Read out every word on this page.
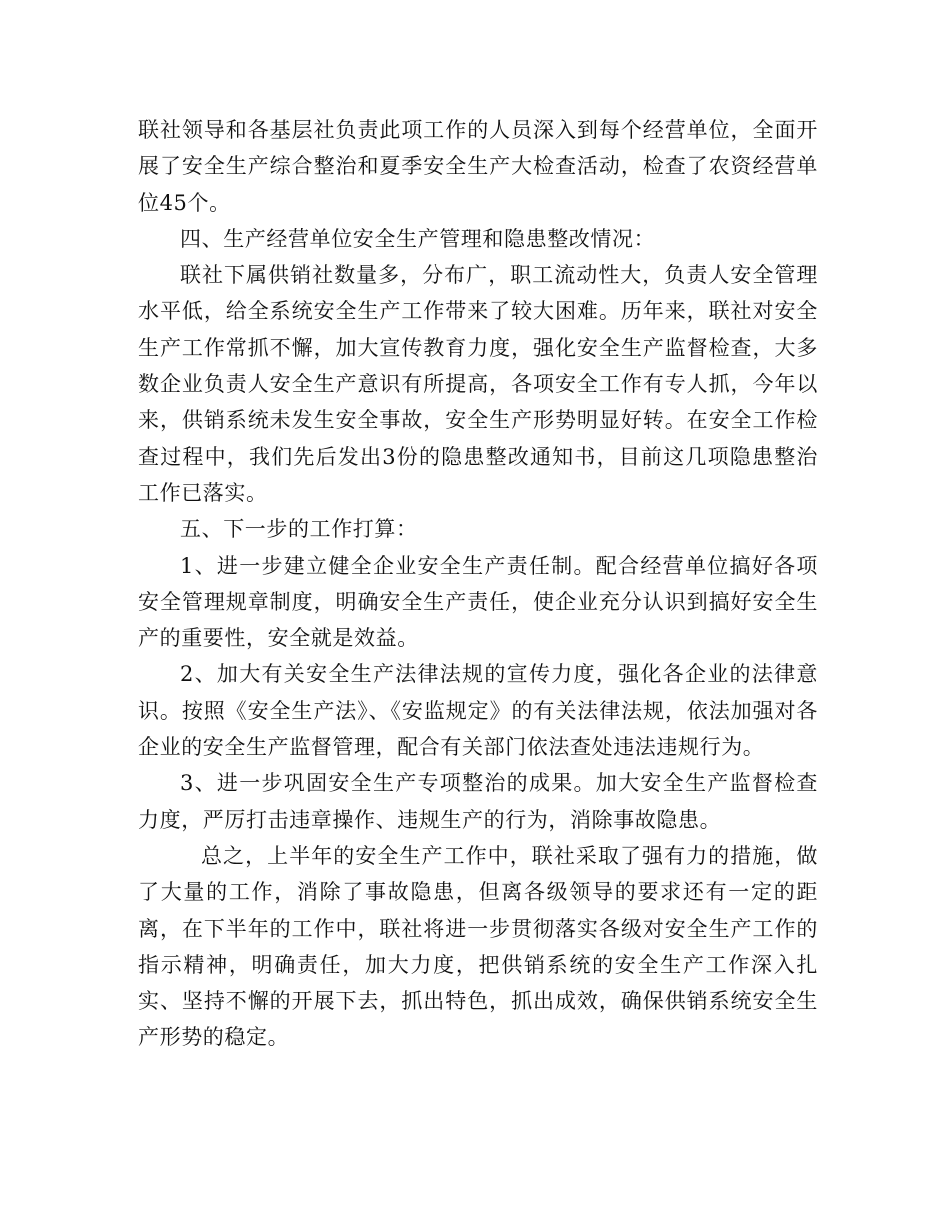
联社领导和各基层社负责此项工作的人员深入到每个经营单位，全面开展了安全生产综合整治和夏季安全生产大检查活动，检查了农资经营单位45个。

四、生产经营单位安全生产管理和隐患整改情况：

联社下属供销社数量多，分布广，职工流动性大，负责人安全管理水平低，给全系统安全生产工作带来了较大困难。历年来，联社对安全生产工作常抓不懈，加大宣传教育力度，强化安全生产监督检查，大多数企业负责人安全生产意识有所提高，各项安全工作有专人抓，今年以来，供销系统未发生安全事故，安全生产形势明显好转。在安全工作检查过程中，我们先后发出3份的隐患整改通知书，目前这几项隐患整治工作已落实。

五、下一步的工作打算：

1、进一步建立健全企业安全生产责任制。配合经营单位搞好各项安全管理规章制度，明确安全生产责任，使企业充分认识到搞好安全生产的重要性，安全就是效益。

2、加大有关安全生产法律法规的宣传力度，强化各企业的法律意识。按照《安全生产法》、《安监规定》的有关法律法规，依法加强对各企业的安全生产监督管理，配合有关部门依法查处违法违规行为。

3、进一步巩固安全生产专项整治的成果。加大安全生产监督检查力度，严厉打击违章操作、违规生产的行为，消除事故隐患。

总之，上半年的安全生产工作中，联社采取了强有力的措施，做了大量的工作，消除了事故隐患，但离各级领导的要求还有一定的距离，在下半年的工作中，联社将进一步贯彻落实各级对安全生产工作的指示精神，明确责任，加大力度，把供销系统的安全生产工作深入扎实、坚持不懈的开展下去，抓出特色，抓出成效，确保供销系统安全生产形势的稳定。
